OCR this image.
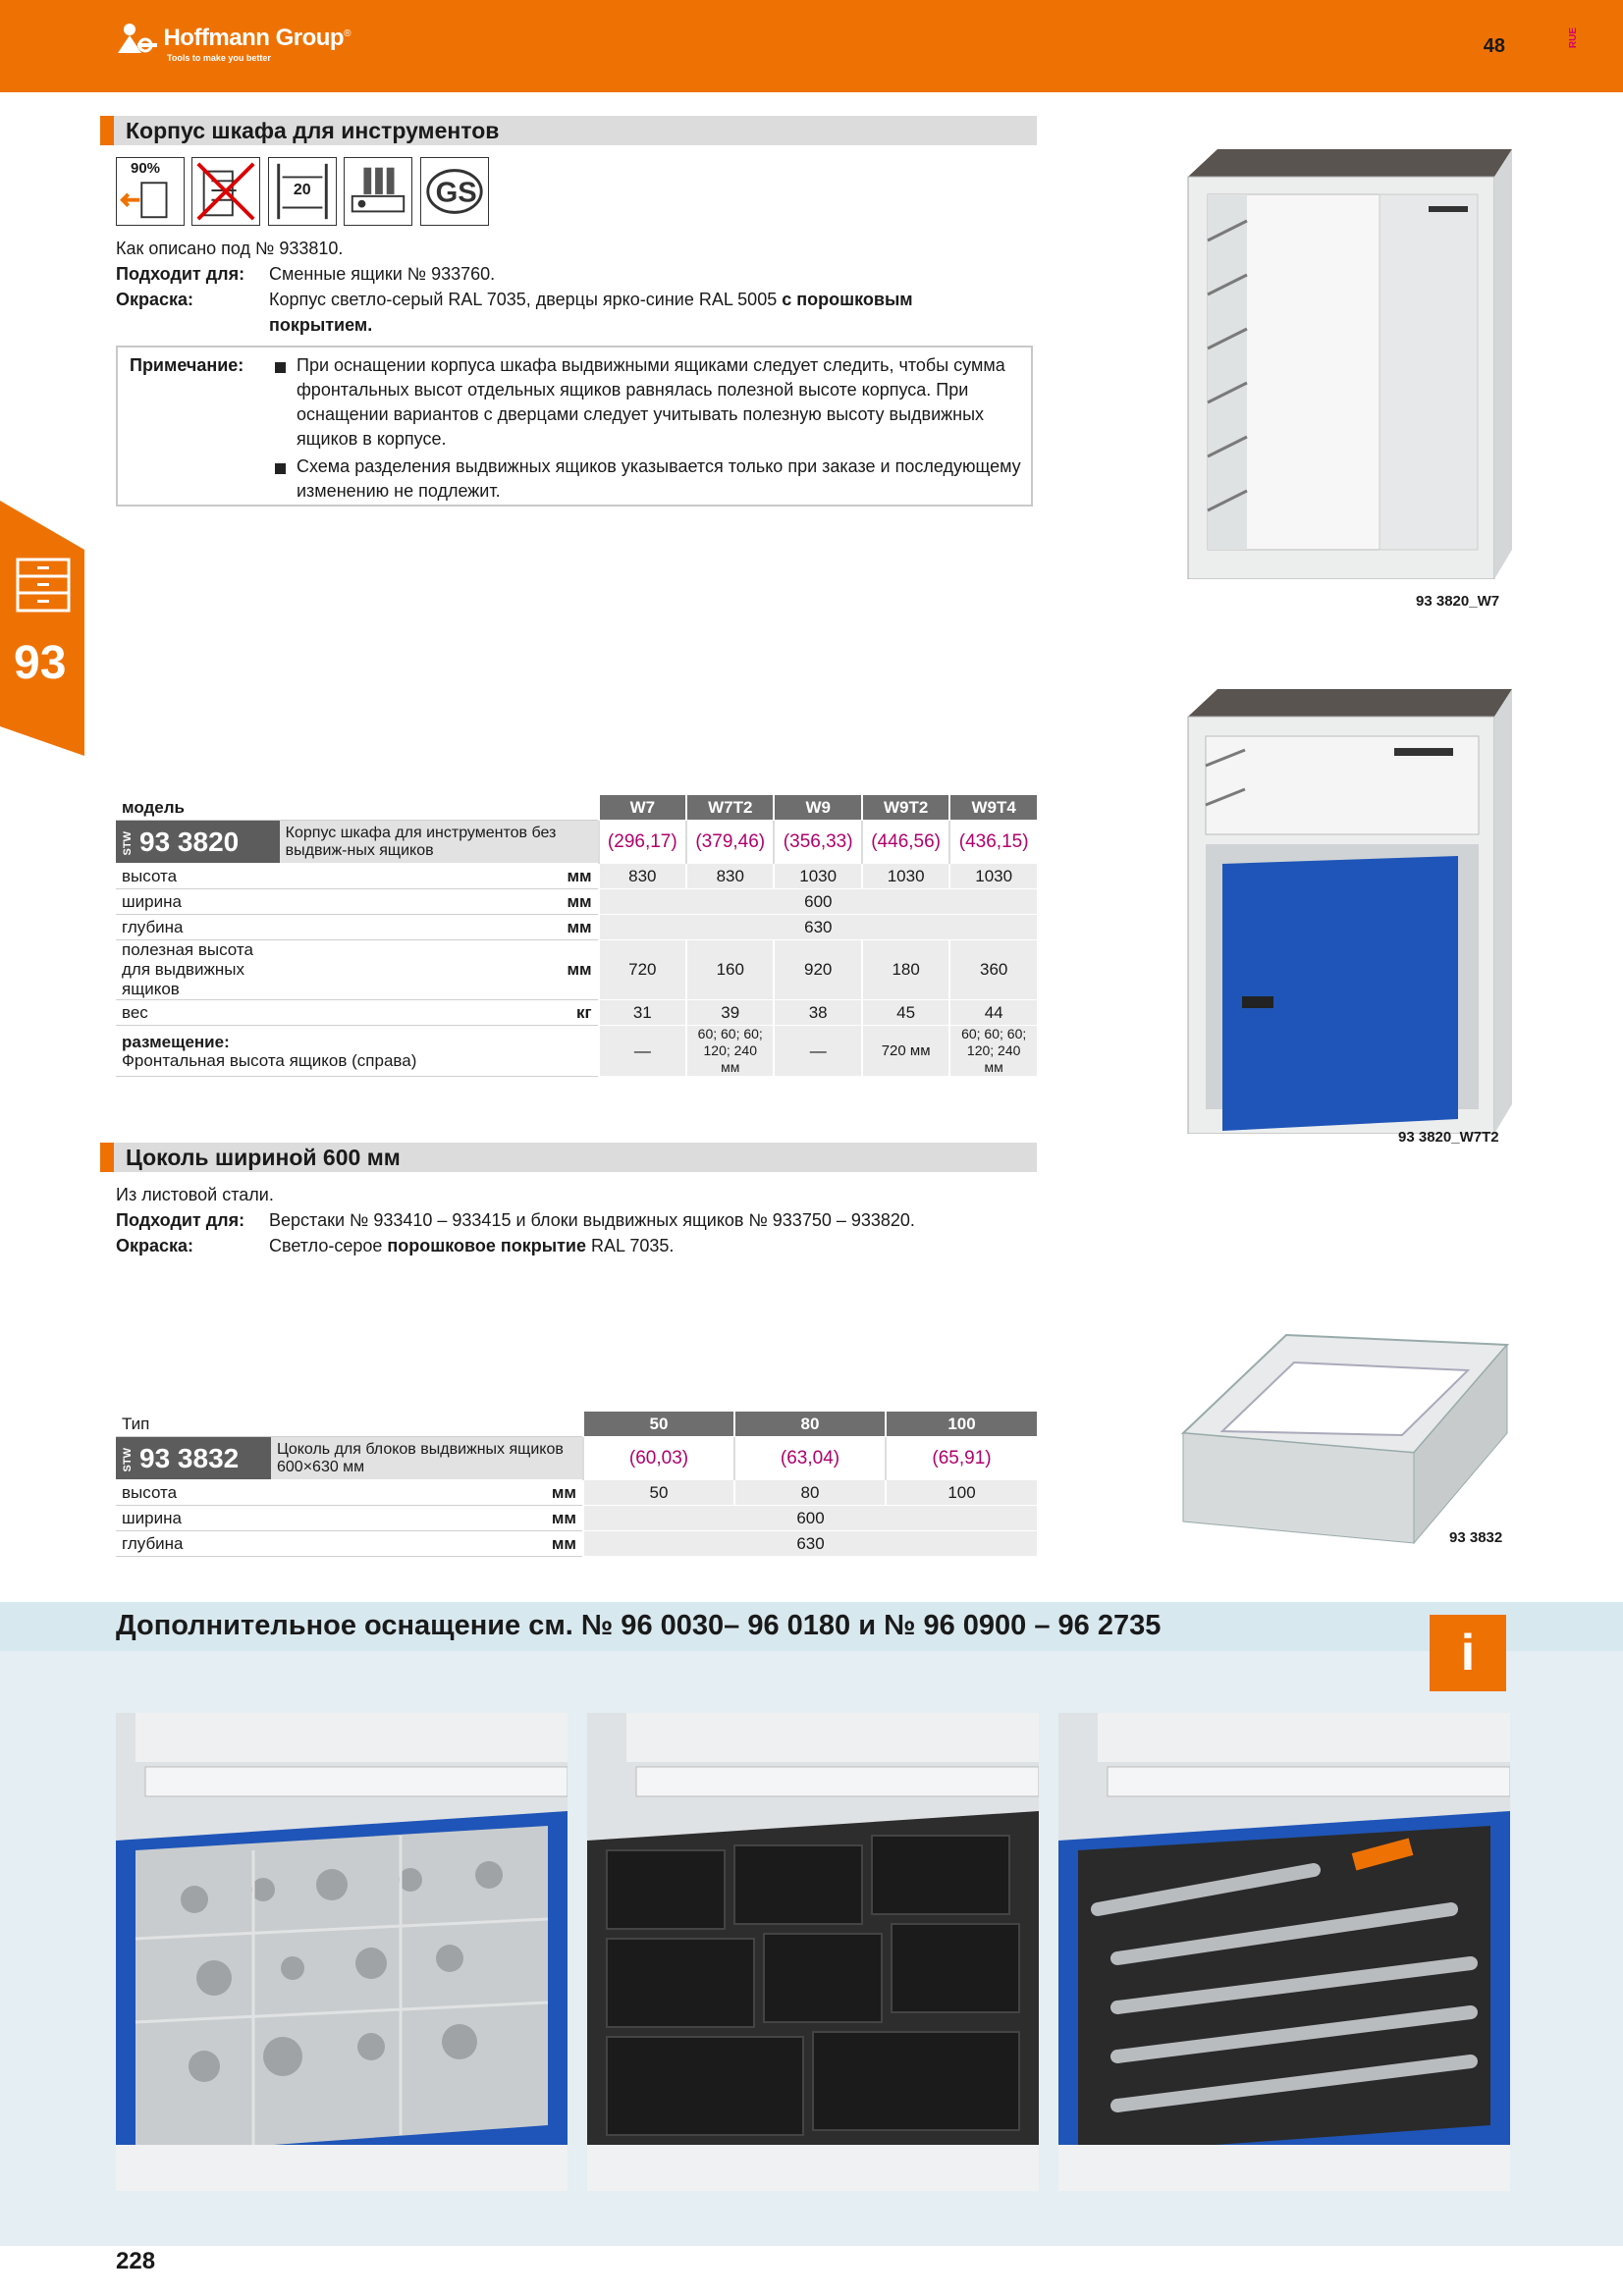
Hoffmann Group®
Tools to make you better
48	RUE
93
Корпус шкафа для инструментов
90%

20
	GS
Как описано под № 933810.
Подходит для: Сменные ящики № 933760.
Окраска:	Корпус светло-серый RAL 7035, дверцы ярко-синие RAL 5005 с порошковым покрытием.
Примечание:	При оснащении корпуса шкафа выдвижными ящиками следует следить, чтобы сумма фронтальных высот отдельных ящиков равнялась полезной высоте корпуса. При оснащении вариантов с дверцами следует учитывать полезную высоту выдвижных ящиков в корпусе.
Схема разделения выдвижных ящиков указывается только при заказе и последующему изменению не подлежит.
93 3820_W7
93 3820_W7T2
модель		W7	W7T2	W9	W9T2	W9T4
STW 93 3820	Корпус шкафа для инструментов без выдвиж-ных ящиков	(296,17)	(379,46)	(356,33)	(446,56)	(436,15)
высота	мм	830	830	1030	1030	1030
ширина	мм	600				
глубина	мм	630				
полезная высота для выдвижных ящиков	мм	720	160	920	180	360
вес	кг	31	39	38	45	44
размещение:
Фронтальная высота ящиков (справа)		—	60; 60; 60; 120; 240 мм	—	720 мм	60; 60; 60; 120; 240 мм
Цоколь шириной 600 мм
Из листовой стали.
Подходит для: Верстаки № 933410 – 933415 и блоки выдвижных ящиков № 933750 – 933820.
Окраска:	Светло-серое порошковое покрытие RAL 7035.
93 3832
Тип		50	80	100
STW 93 3832	Цоколь для блоков выдвижных ящиков 600×630 мм	(60,03)	(63,04)	(65,91)
высота	мм	50	80	100
ширина	мм	600		
глубина	мм	630		
Дополнительное оснащение см. № 96 0030– 96 0180 и № 96 0900 – 96 2735	i
228
